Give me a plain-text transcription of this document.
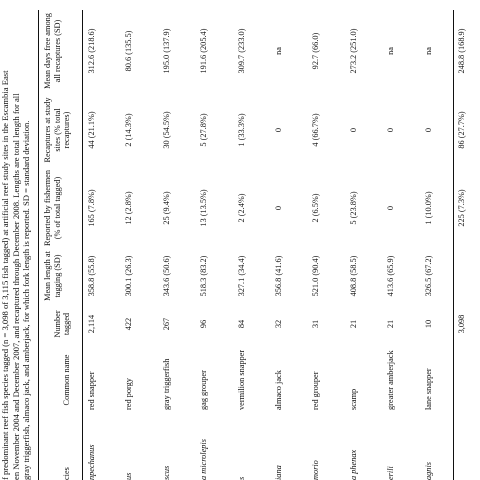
f predominant reef fish species tagged (n = 3,098 of 3,115 fish tagged) at artificial reef study sites in the Escambia East en November 2004 and December 2007, and recaptured through December 2008. Lengths are total length for all gray triggerfish, almaco jack, and amberjack, for which fork length is reported. SD = standard deviation.	cies
Common name
Number tagged
Mean length at tagging (SD)
Reported by fishermen (% of total tagged)
Recaptures at study sites (% total recaptures)
Mean days free among all recaptures (SD)
npechanus
red snapper
2,114
358.8 (55.8)
165 (7.8%)
44 (21.1%)
312.6 (218.6)
us
red porgy
422
300.1 (26.3)
12 (2.8%)
2 (14.3%)
80.6 (135.5)
scus
gray triggerfish
267
343.6 (50.6)
25 (9.4%)
30 (54.5%)
195.0 (137.9)
a microlepis
gag grouper
96
518.3 (83.2)
13 (13.5%)
5 (27.8%)
191.6 (205.4)
s
vermilion snapper
84
327.1 (34.4)
2 (2.4%)
1 (33.3%)
309.7 (233.0)
iana
almaco jack
32
356.8 (41.6)
0
0
na
morio
red grouper
31
521.0 (90.4)
2 (6.5%)
4 (66.7%)
92.7 (66.0)
a phenax
scamp
21
408.8 (58.5)
5 (23.8%)
0
273.2 (251.0)
erili
greater amberjack
21
413.6 (65.9)
0
0
na
agnis
lane snapper
10
326.5 (67.2)
1 (10.0%)
0
na
3,098
225 (7.3%)
86 (27.7%)
248.8 (168.9)
